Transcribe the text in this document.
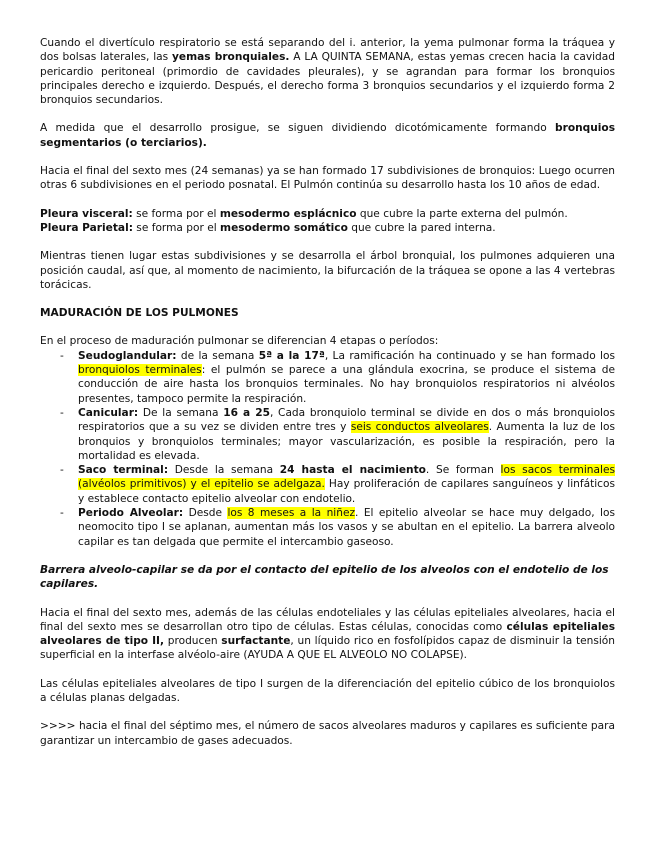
Cuando el divertículo respiratorio se está separando del i. anterior, la yema pulmonar forma la tráquea y dos bolsas laterales, las yemas bronquiales. A LA QUINTA SEMANA, estas yemas crecen hacia la cavidad pericardio peritoneal (primordio de cavidades pleurales), y se agrandan para formar los bronquios principales derecho e izquierdo. Después, el derecho forma 3 bronquios secundarios y el izquierdo forma 2 bronquios secundarios.

A medida que el desarrollo prosigue, se siguen dividiendo dicotómicamente formando bronquios segmentarios (o terciarios).

Hacia el final del sexto mes (24 semanas) ya se han formado 17 subdivisiones de bronquios: Luego ocurren otras 6 subdivisiones en el periodo posnatal. El Pulmón continúa su desarrollo hasta los 10 años de edad.

Pleura visceral: se forma por el mesodermo esplácnico que cubre la parte externa del pulmón.

Pleura Parietal: se forma por el mesodermo somático que cubre la pared interna.

Mientras tienen lugar estas subdivisiones y se desarrolla el árbol bronquial, los pulmones adquieren una posición caudal, así que, al momento de nacimiento, la bifurcación de la tráquea se opone a las 4 vertebras torácicas.

MADURACIÓN DE LOS PULMONES

En el proceso de maduración pulmonar se diferencian 4 etapas o períodos:

- Seudoglandular: de la semana 5ª a la 17ª, La ramificación ha continuado y se han formado los bronquiolos terminales: el pulmón se parece a una glándula exocrina, se produce el sistema de conducción de aire hasta los bronquios terminales. No hay bronquiolos respiratorios ni alvéolos presentes, tampoco permite la respiración.
- Canicular: De la semana 16 a 25, Cada bronquiolo terminal se divide en dos o más bronquiolos respiratorios que a su vez se dividen entre tres y seis conductos alveolares. Aumenta la luz de los bronquios y bronquiolos terminales; mayor vascularización, es posible la respiración, pero la mortalidad es elevada.
- Saco terminal: Desde la semana 24 hasta el nacimiento. Se forman los sacos terminales (alvéolos primitivos) y el epitelio se adelgaza. Hay proliferación de capilares sanguíneos y linfáticos y establece contacto epitelio alveolar con endotelio.
- Periodo Alveolar: Desde los 8 meses a la niñez. El epitelio alveolar se hace muy delgado, los neomocito tipo I se aplanan, aumentan más los vasos y se abultan en el epitelio. La barrera alveolo capilar es tan delgada que permite el intercambio gaseoso.
Barrera alveolo-capilar se da por el contacto del epitelio de los alveolos con el endotelio de los capilares.

Hacia el final del sexto mes, además de las células endoteliales y las células epiteliales alveolares, hacia el final del sexto mes se desarrollan otro tipo de células. Estas células, conocidas como células epiteliales alveolares de tipo II, producen surfactante, un líquido rico en fosfolípidos capaz de disminuir la tensión superficial en la interfase alvéolo-aire (AYUDA A QUE EL ALVEOLO NO COLAPSE).

Las células epiteliales alveolares de tipo I surgen de la diferenciación del epitelio cúbico de los bronquiolos a células planas delgadas.

>>>> hacia el final del séptimo mes, el número de sacos alveolares maduros y capilares es suficiente para garantizar un intercambio de gases adecuados.
